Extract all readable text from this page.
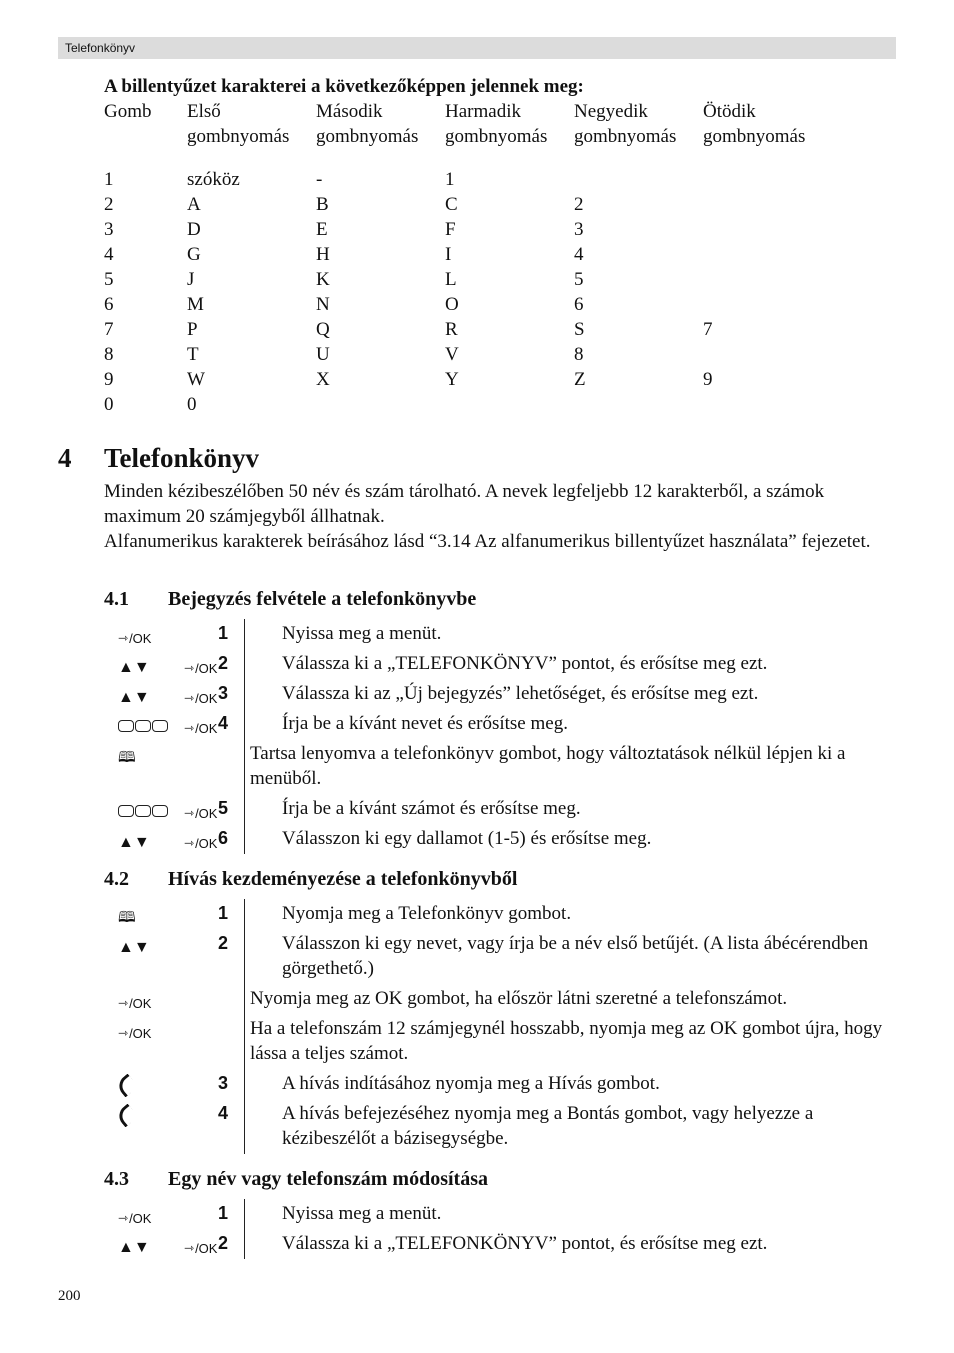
Telefonkönyv
A billentyűzet karakterei a következőképpen jelennek meg:
Gomb	Első	Második	Harmadik	Negyedik	Ötödik
gombnyomás	gombnyomás	gombnyomás	gombnyomás	gombnyomás
1	szóköz	-	1
2	A	B	C	2
3	D	E	F	3
4	G	H	I	4
5	J	K	L	5
6	M	N	O	6
7	P	Q	R	S	7
8	T	U	V	8
9	W	X	Y	Z	9
0	0
4 Telefonkönyv

Minden kézibeszélőben 50 név és szám tárolható. A nevek legfeljebb 12 karakterből, a számok maximum 20 számjegyből állhatnak.

Alfanumerikus karakterek beírásához lásd “3.14 Az alfanumerikus billentyűzet használata” fejezetet.

4.1 Bejegyzés felvétele a telefonkönyvbe
⇾ /OK	1	Nyissa meg a menüt.
▲▼	⇾ /OK 2	Válassza ki a „TELEFONKÖNYV” pontot, és erősítse meg ezt.
▲▼	⇾ /OK 3	Válassza ki az „Új bejegyzés” lehetőséget, és erősítse meg ezt.
⇾ /OK 4	Írja be a kívánt nevet és erősítse meg.
🕮	Tartsa lenyomva a telefonkönyv gombot, hogy változtatások nélkül lépjen ki a menüből.
⇾ /OK 5	Írja be a kívánt számot és erősítse meg.
▲▼	⇾ /OK 6	Válasszon ki egy dallamot (1-5) és erősítse meg.
4.2 Hívás kezdeményezése a telefonkönyvből
🕮	1	Nyomja meg a Telefonkönyv gombot.
▲▼	2	Válasszon ki egy nevet, vagy írja be a név első betűjét. (A lista ábécérendben görgethető.)
⇾ /OK	Nyomja meg az OK gombot, ha először látni szeretné a telefonszámot.
⇾ /OK	Ha a telefonszám 12 számjegynél hosszabb, nyomja meg az OK gombot újra, hogy lássa a teljes számot.
3	A hívás indításához nyomja meg a Hívás gombot.
4	A hívás befejezéséhez nyomja meg a Bontás gombot, vagy helyezze a kézibeszélőt a bázisegységbe.
4.3 Egy név vagy telefonszám módosítása
⇾ /OK	1	Nyissa meg a menüt.
▲▼	⇾ /OK 2	Válassza ki a „TELEFONKÖNYV” pontot, és erősítse meg ezt.
200
